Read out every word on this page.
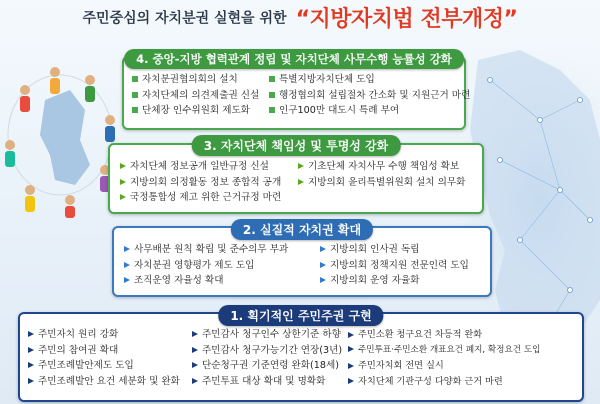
주민중심의 자치분권 실현을 위한 “지방자치법 전부개정”
4. 중앙-지방 협력관계 정립 및 자치단체 사무수행 능률성 강화
자치분권협의회의 설치
자치단체의 의견제출권 신설
단체장 인수위원회 제도화
특별지방자치단체 도입
행정협의회 설립절차 간소화 및 지원근거 마련
인구100만 대도시 특례 부여
3. 자치단체 책임성 및 투명성 강화
자치단체 정보공개 일반규정 신설
지방의회 의정활동 정보 종합적 공개
국정통합성 제고 위한 근거규정 마련
기초단체 자치사무 수행 책임성 확보
지방의회 윤리특별위원회 설치 의무화
2. 실질적 자치권 확대
사무배분 원칙 확립 및 준수의무 부과
자치분권 영향평가 제도 도입
조직운영 자율성 확대
지방의회 인사권 독립
지방의회 정책지원 전문인력 도입
지방의회 운영 자율화
1. 획기적인 주민주권 구현
주민자치 원리 강화
주민의 참여권 확대
주민조례발안제도 도입
주민조례발안 요건 세분화 및 완화
주민감사 청구인수 상한기준 하향
주민감사 청구가능기간 연장(3년)
단순청구권 기준연령 완화(18세)
주민투표 대상 확대 및 명확화
주민소환 청구요건 차등적 완화
주민투표·주민소환 개표요건 폐지, 확정요건 도입
주민자치회 전면 실시
자치단체 기관구성 다양화 근거 마련
